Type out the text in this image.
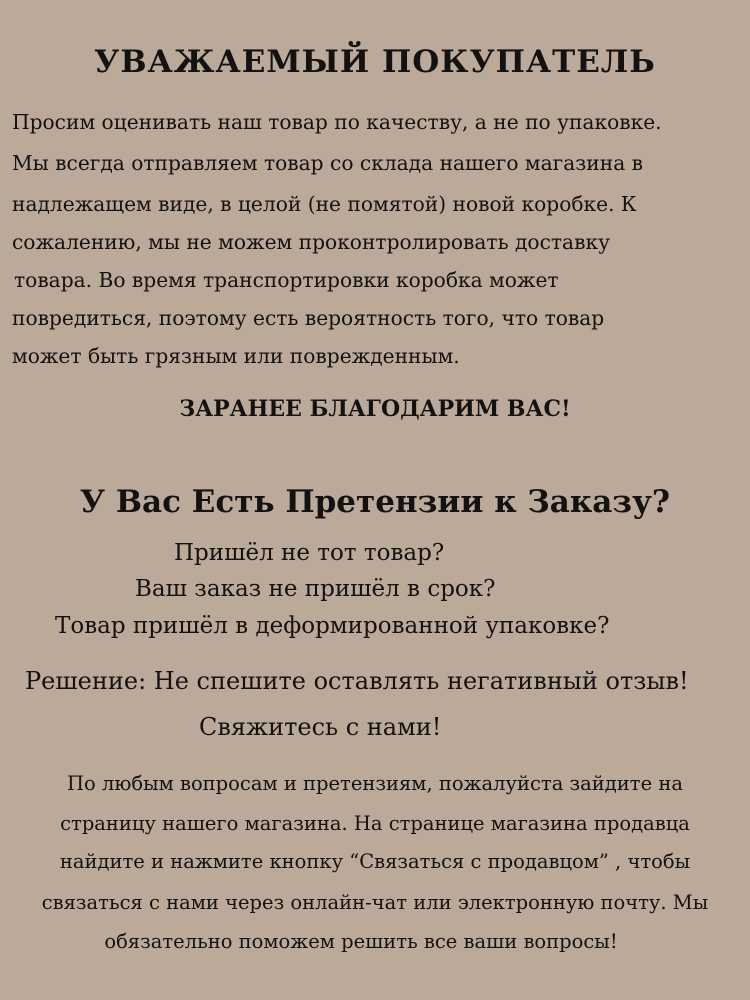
УВАЖАЕМЫЙ ПОКУПАТЕЛЬ

Просим оценивать наш товар по качеству, а не по упаковке.

Мы всегда отправляем товар со склада нашего магазина в

надлежащем виде, в целой (не помятой) новой коробке. К

сожалению, мы не можем проконтролировать доставку

товара. Во время транспортировки коробка может

повредиться, поэтому есть вероятность того, что товар

может быть грязным или поврежденным.

ЗАРАНЕЕ БЛАГОДАРИМ ВАС!

У Вас Есть Претензии к Заказу?

Пришёл не тот товар?

Ваш заказ не пришёл в срок?

Товар пришёл в деформированной упаковке?

Решение: Не спешите оставлять негативный отзыв!

Свяжитесь с нами!

По любым вопросам и претензиям, пожалуйста зайдите на

страницу нашего магазина. На странице магазина продавца

найдите и нажмите кнопку “Связаться с продавцом” , чтобы

связаться с нами через онлайн-чат или электронную почту. Мы

обязательно поможем решить все ваши вопросы!
